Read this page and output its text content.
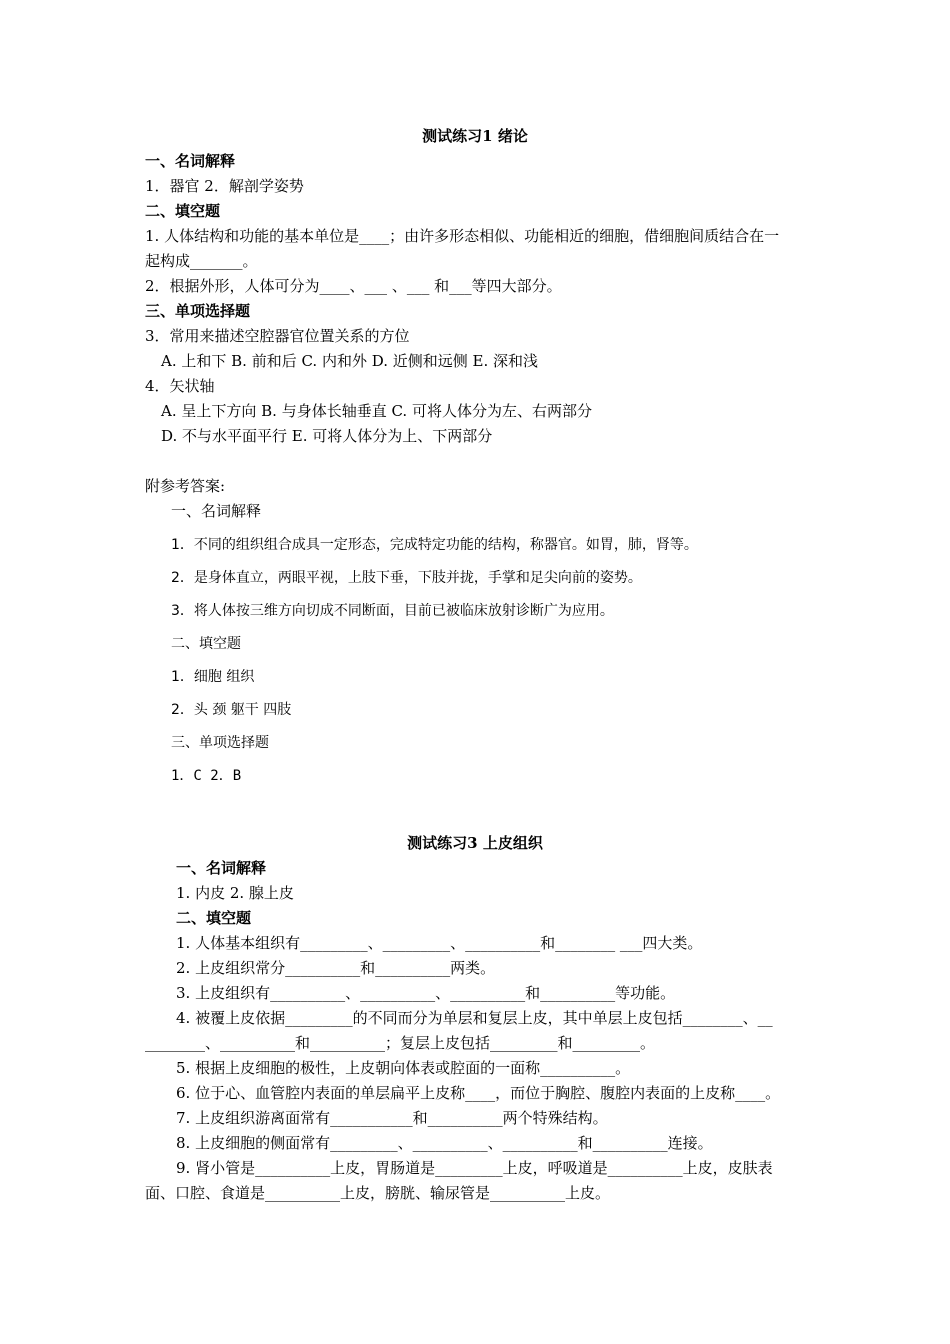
测试练习1 绪论
一、名词解释
1．器官 2．解剖学姿势
二、填空题
1. 人体结构和功能的基本单位是____；由许多形态相似、功能相近的细胞，借细胞间质结合在一
起构成_______。
2．根据外形，人体可分为____、___ 、___ 和___等四大部分。
三、单项选择题
3．常用来描述空腔器官位置关系的方位
A. 上和下 B. 前和后 C. 内和外 D. 近侧和远侧 E. 深和浅
4．矢状轴
A. 呈上下方向 B. 与身体长轴垂直 C. 可将人体分为左、右两部分
D. 不与水平面平行 E. 可将人体分为上、下两部分
附参考答案:
一、名词解释
1．不同的组织组合成具一定形态，完成特定功能的结构，称器官。如胃，肺，肾等。
2．是身体直立，两眼平视，上肢下垂，下肢并拢，手掌和足尖向前的姿势。
3．将人体按三维方向切成不同断面，目前已被临床放射诊断广为应用。
二、填空题
1．细胞 组织
2．头 颈 躯干 四肢
三、单项选择题
1．C 2．B
测试练习3 上皮组织
一、名词解释
1. 内皮 2. 腺上皮
二、填空题
1. 人体基本组织有_________、_________、__________和________ ___四大类。
2. 上皮组织常分__________和__________两类。
3. 上皮组织有__________、__________、__________和__________等功能。
4. 被覆上皮依据_________的不同而分为单层和复层上皮，其中单层上皮包括________、__
________、__________和__________；复层上皮包括_________和_________。
5. 根据上皮细胞的极性，上皮朝向体表或腔面的一面称__________。
6. 位于心、血管腔内表面的单层扁平上皮称____，而位于胸腔、腹腔内表面的上皮称____。
7. 上皮组织游离面常有___________和__________两个特殊结构。
8. 上皮细胞的侧面常有_________、__________、__________和__________连接。
9. 肾小管是__________上皮，胃肠道是_________上皮，呼吸道是__________上皮，皮肤表
面、口腔、食道是__________上皮，膀胱、输尿管是__________上皮。
